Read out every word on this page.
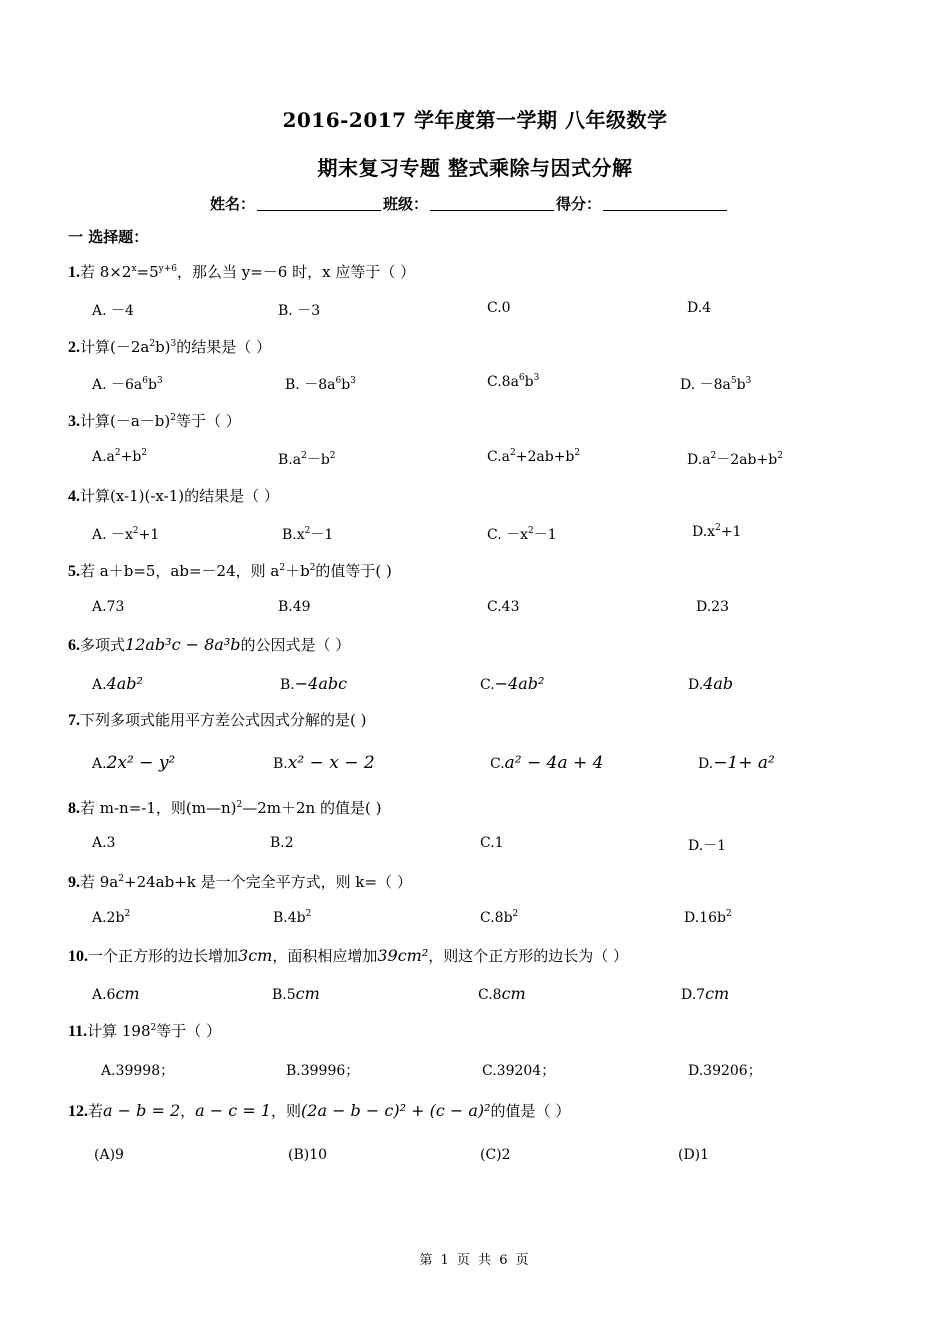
2016-2017 学年度第一学期 八年级数学
期末复习专题 整式乘除与因式分解
姓名：	班级：	得分：
一 选择题：
1.若 $8\times 2^x=5^{y+6}$，那么当 y=－6 时，x 应等于（ ）
A. －4	B. －3	C.0	D.4
2.计算$(-2a^2b)^3$的结果是（ ）
A. $-6a^6b^3$	B. $-8a^6b^3$	$C.8a^6b^3$	D. $-8a^5b^3$
3.计算$(-a-b)^2$等于（ ）
$A.a^2+b^2$	$B.a^2-b^2$	$C.a^2+2ab+b^2$	$D.a^2-2ab+b^2$
4.计算(x-1)(-x-1)的结果是（ ）
A. $-x^2+1$	$B.x^2-1$	C. $-x^2-1$	$D.x^2+1$
5.若 a＋b=5，ab=－24，则 $a^2+b^2$的值等于( )
A.73	B.49	C.43	D.23
6.多项式12ab³c − 8a³b的公因式是（ ）
A.4ab²	B.−4abc	C.−4ab²	D.4ab
7.下列多项式能用平方差公式因式分解的是( )
A.2x² − y²	B.x² − x − 2	C.a² − 4a + 4	D.−1+ a²
8.若 m-n=-1，则(m—n)$^2$—2m＋2n 的值是( )
A.3	B.2	C.1	D.－1
9.若 $9a^2+24ab+k$ 是一个完全平方式，则 k=（ ）
$A.2b^2$	$B.4b^2$	$C.8b^2$	$D.16b^2$
10.一个正方形的边长增加3cm，面积相应增加39cm²，则这个正方形的边长为（ ）
A.6cm	B.5cm	C.8cm	D.7cm
11.计算 $198^2$等于（ ）
A.39998；	B.39996；	C.39204；	D.39206；
12.若a − b = 2，a − c = 1，则(2a − b − c)² + (c − a)²的值是（ ）
(A)9	(B)10	(C)2	(D)1
第 1 页 共 6 页
